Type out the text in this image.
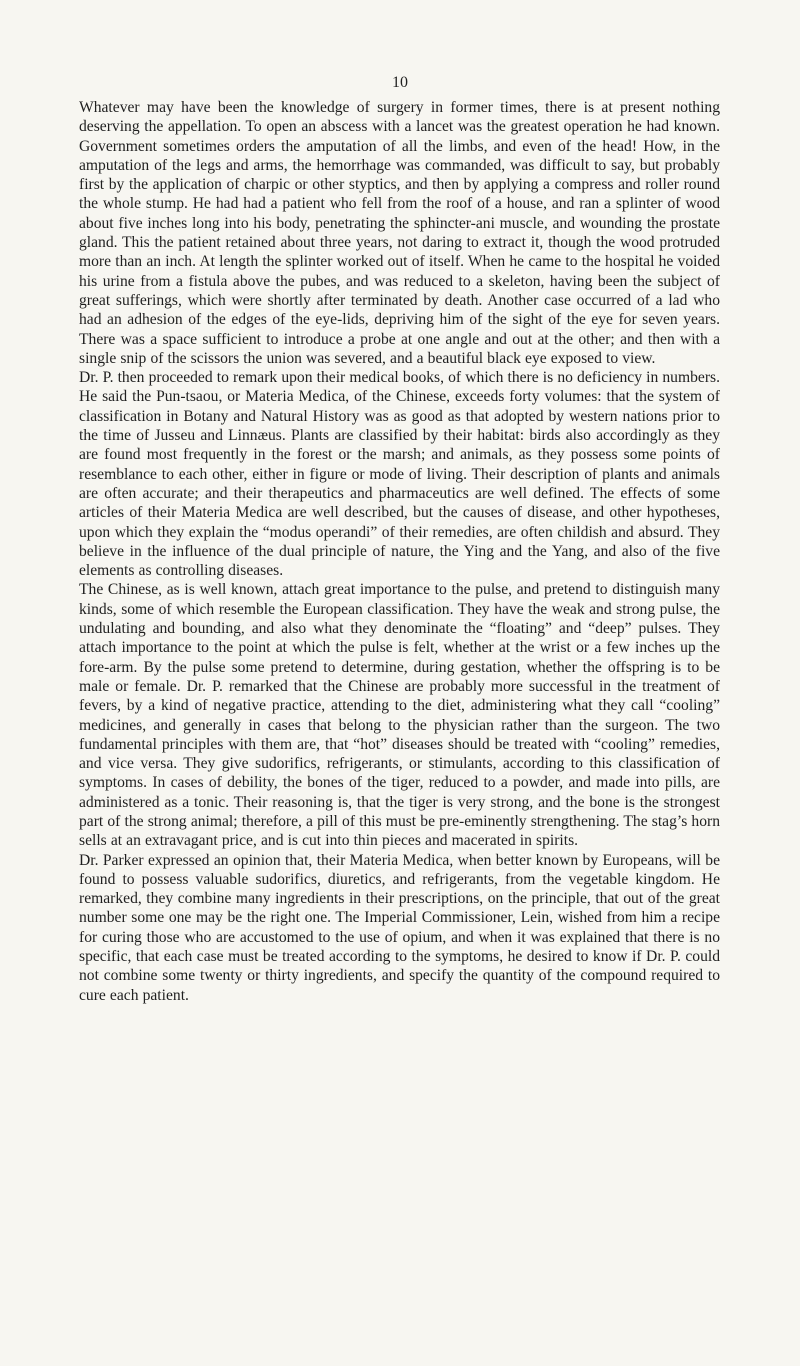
10

Whatever may have been the knowledge of surgery in former times, there is at present nothing deserving the appellation. To open an abscess with a lancet was the greatest operation he had known. Government sometimes orders the amputation of all the limbs, and even of the head! How, in the amputation of the legs and arms, the hemorrhage was commanded, was difficult to say, but probably first by the application of charpic or other styptics, and then by applying a compress and roller round the whole stump. He had had a patient who fell from the roof of a house, and ran a splinter of wood about five inches long into his body, penetrating the sphincter-ani muscle, and wounding the prostate gland. This the patient retained about three years, not daring to extract it, though the wood protruded more than an inch. At length the splinter worked out of itself. When he came to the hospital he voided his urine from a fistula above the pubes, and was reduced to a skeleton, having been the subject of great sufferings, which were shortly after terminated by death. Another case occurred of a lad who had an adhesion of the edges of the eye-lids, depriving him of the sight of the eye for seven years. There was a space sufficient to introduce a probe at one angle and out at the other; and then with a single snip of the scissors the union was severed, and a beautiful black eye exposed to view.

Dr. P. then proceeded to remark upon their medical books, of which there is no deficiency in numbers. He said the Pun-tsaou, or Materia Medica, of the Chinese, exceeds forty volumes: that the system of classification in Botany and Natural History was as good as that adopted by western nations prior to the time of Jusseu and Linnæus. Plants are classified by their habitat: birds also accordingly as they are found most frequently in the forest or the marsh; and animals, as they possess some points of resemblance to each other, either in figure or mode of living. Their description of plants and animals are often accurate; and their therapeutics and pharmaceutics are well defined. The effects of some articles of their Materia Medica are well described, but the causes of disease, and other hypotheses, upon which they explain the “modus operandi” of their remedies, are often childish and absurd. They believe in the influence of the dual principle of nature, the Ying and the Yang, and also of the five elements as controlling diseases.

The Chinese, as is well known, attach great importance to the pulse, and pretend to distinguish many kinds, some of which resemble the European classification. They have the weak and strong pulse, the undulating and bounding, and also what they denominate the “floating” and “deep” pulses. They attach importance to the point at which the pulse is felt, whether at the wrist or a few inches up the fore-arm. By the pulse some pretend to determine, during gestation, whether the offspring is to be male or female. Dr. P. remarked that the Chinese are probably more successful in the treatment of fevers, by a kind of negative practice, attending to the diet, administering what they call “cooling” medicines, and generally in cases that belong to the physician rather than the surgeon. The two fundamental principles with them are, that “hot” diseases should be treated with “cooling” remedies, and vice versa. They give sudorifics, refrigerants, or stimulants, according to this classification of symptoms. In cases of debility, the bones of the tiger, reduced to a powder, and made into pills, are administered as a tonic. Their reasoning is, that the tiger is very strong, and the bone is the strongest part of the strong animal; therefore, a pill of this must be pre-eminently strengthening. The stag’s horn sells at an extravagant price, and is cut into thin pieces and macerated in spirits.

Dr. Parker expressed an opinion that, their Materia Medica, when better known by Europeans, will be found to possess valuable sudorifics, diuretics, and refrigerants, from the vegetable kingdom. He remarked, they combine many ingredients in their prescriptions, on the principle, that out of the great number some one may be the right one. The Imperial Commissioner, Lein, wished from him a recipe for curing those who are accustomed to the use of opium, and when it was explained that there is no specific, that each case must be treated according to the symptoms, he desired to know if Dr. P. could not combine some twenty or thirty ingredients, and specify the quantity of the compound required to cure each patient.
